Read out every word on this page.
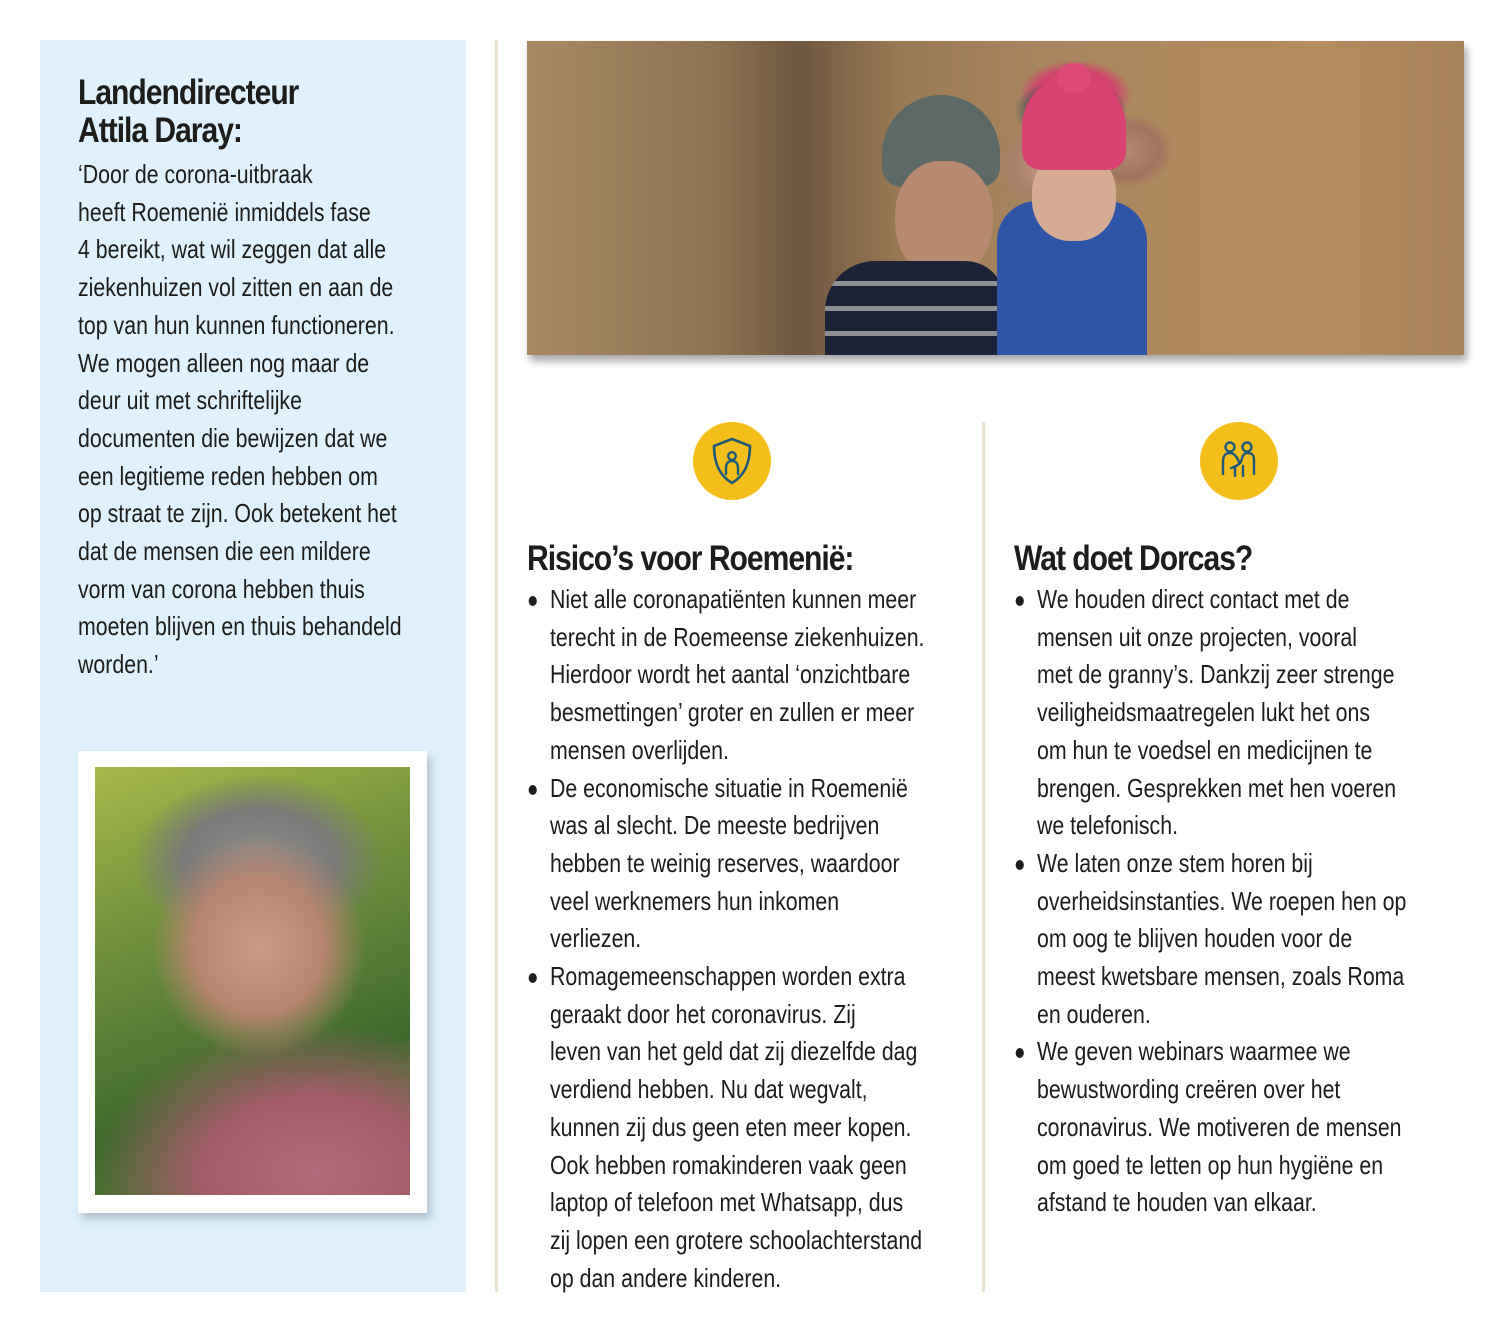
Landendirecteur
Attila Daray:
‘Door de corona-uitbraak
heeft Roemenië inmiddels fase
4 bereikt, wat wil zeggen dat alle
ziekenhuizen vol zitten en aan de
top van hun kunnen functioneren.
We mogen alleen nog maar de
deur uit met schriftelijke
documenten die bewijzen dat we
een legitieme reden hebben om
op straat te zijn. Ook betekent het
dat de mensen die een mildere
vorm van corona hebben thuis
moeten blijven en thuis behandeld
worden.’
Risico’s voor Roemenië:
Niet alle coronapatiënten kunnen meer
terecht in de Roemeense ziekenhuizen.
Hierdoor wordt het aantal ‘onzichtbare
besmettingen’ groter en zullen er meer
mensen overlijden.
De economische situatie in Roemenië
was al slecht. De meeste bedrijven
hebben te weinig reserves, waardoor
veel werknemers hun inkomen
verliezen.
Romagemeenschappen worden extra
geraakt door het coronavirus. Zij
leven van het geld dat zij diezelfde dag
verdiend hebben. Nu dat wegvalt,
kunnen zij dus geen eten meer kopen.
Ook hebben romakinderen vaak geen
laptop of telefoon met Whatsapp, dus
zij lopen een grotere schoolachterstand
op dan andere kinderen.
Wat doet Dorcas?
We houden direct contact met de
mensen uit onze projecten, vooral
met de granny’s. Dankzij zeer strenge
veiligheidsmaatregelen lukt het ons
om hun te voedsel en medicijnen te
brengen. Gesprekken met hen voeren
we telefonisch.
We laten onze stem horen bij
overheidsinstanties. We roepen hen op
om oog te blijven houden voor de
meest kwetsbare mensen, zoals Roma
en ouderen.
We geven webinars waarmee we
bewustwording creëren over het
coronavirus. We motiveren de mensen
om goed te letten op hun hygiëne en
afstand te houden van elkaar.
